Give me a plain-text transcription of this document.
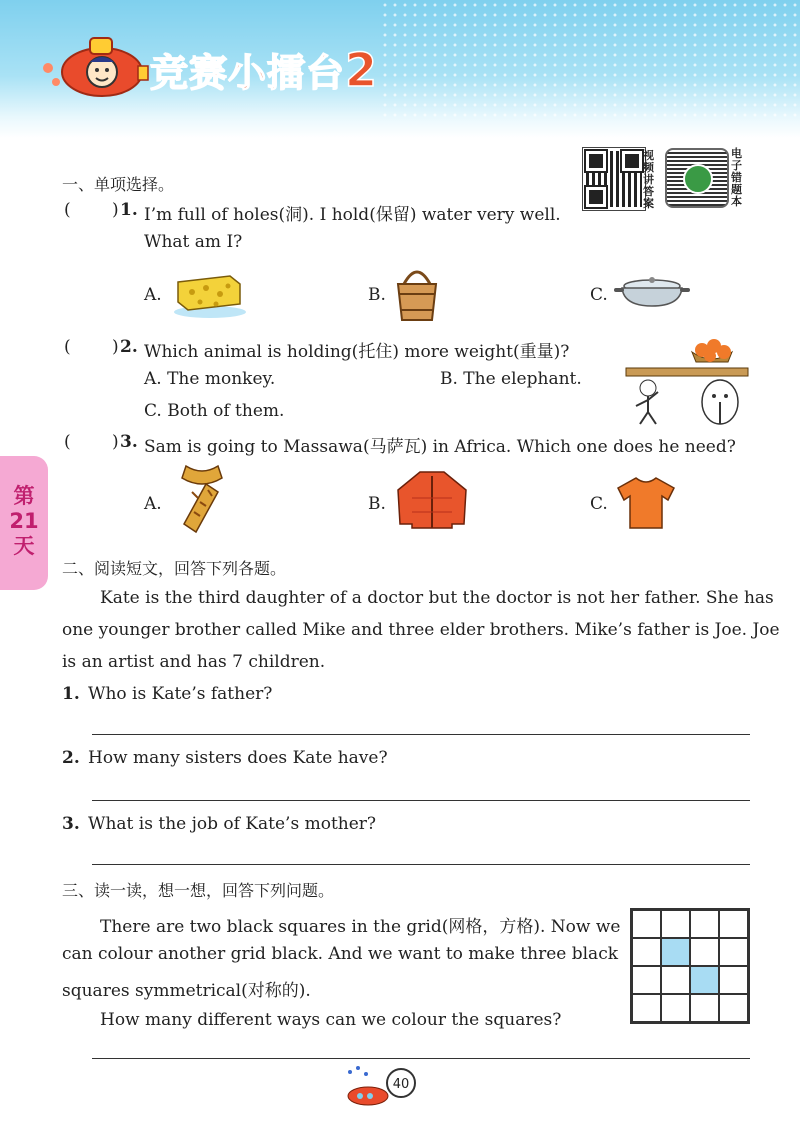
竞赛小擂台2
视频讲答案
电子错题本
一、单项选择。
( ) 1. I’m full of holes(洞). I hold(保留) water very well.
What am I?
A.	B.	C.
( ) 2. Which animal is holding(托住) more weight(重量)?
A. The monkey.	B. The elephant.
C. Both of them.
( ) 3. Sam is going to Massawa(马萨瓦) in Africa. Which one does he need?
A.	B.	C.
第21天
二、阅读短文，回答下列各题。
Kate is the third daughter of a doctor but the doctor is not her father. She has
one younger brother called Mike and three elder brothers. Mike’s father is Joe. Joe
is an artist and has 7 children.
1. Who is Kate’s father?
2. How many sisters does Kate have?
3. What is the job of Kate’s mother?
三、读一读，想一想，回答下列问题。
There are two black squares in the grid(网格，方格). Now we
can colour another grid black. And we want to make three black
squares symmetrical(对称的).
How many different ways can we colour the squares?
40
